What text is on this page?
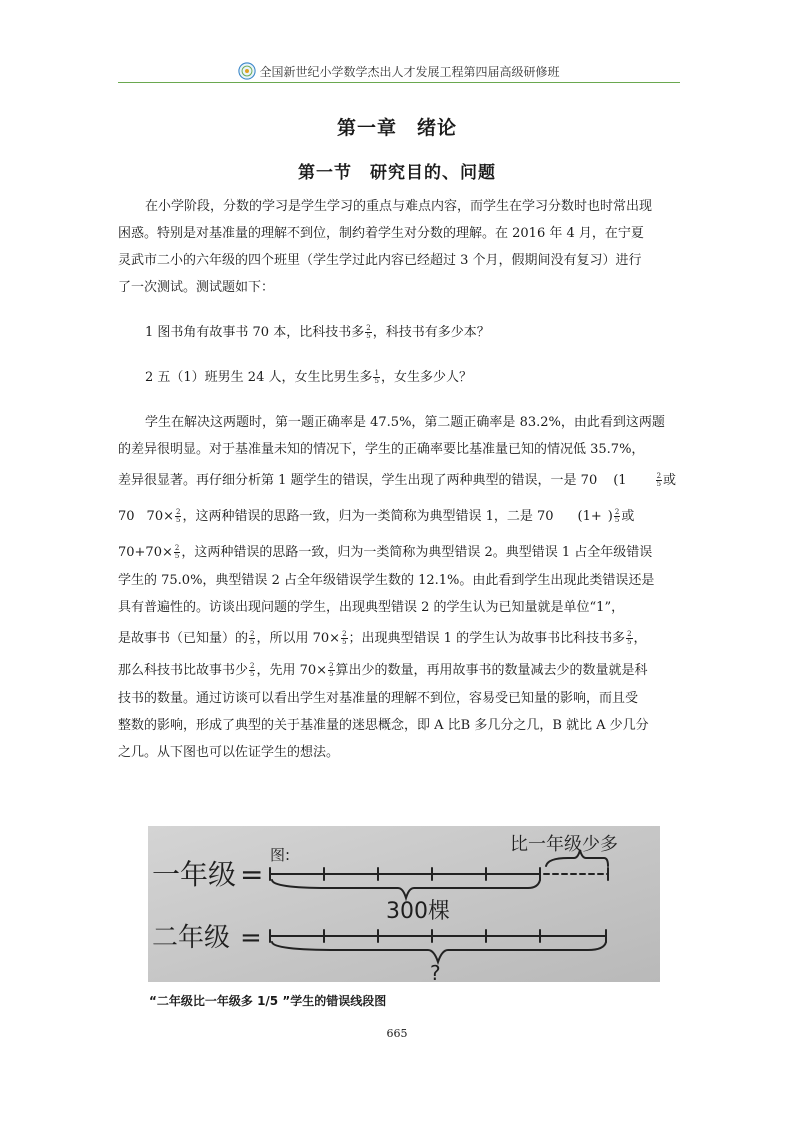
全国新世纪小学数学杰出人才发展工程第四届高级研修班
第一章　绪论
第一节　研究目的、问题
在小学阶段，分数的学习是学生学习的重点与难点内容，而学生在学习分数时也时常出现
困惑。特别是对基准量的理解不到位，制约着学生对分数的理解。在 2016 年 4 月，在宁夏
灵武市二小的六年级的四个班里（学生学过此内容已经超过 3 个月，假期间没有复习）进行
了一次测试。测试题如下：
1 图书角有故事书 70 本，比科技书多 $\frac{2}{5}$ ，科技书有多少本？
2 五（1）班男生 24 人，女生比男生多 $\frac{1}{5}$ ，女生多少人？
学生在解决这两题时，第一题正确率是 47.5%，第二题正确率是 83.2%，由此看到这两题
的差异很明显。对于基准量未知的情况下，学生的正确率要比基准量已知的情况低 35.7%，
差异很显著。再仔细分析第 1 题学生的错误，学生出现了两种典型的错误，一是 70 (1	$\frac{2}{5}$ 或
70 $70\times \frac{2}{5}$ ，这两种错误的思路一致，归为一类简称为典型错误 1，二是 70 (1+ ) $\frac{2}{5}$ 或
$70+70\times \frac{2}{5}$ ，这两种错误的思路一致，归为一类简称为典型错误 2。典型错误 1 占全年级错误
学生的 75.0%，典型错误 2 占全年级错误学生数的 12.1%。由此看到学生出现此类错误还是
具有普遍性的。访谈出现问题的学生，出现典型错误 2 的学生认为已知量就是单位“1”，
是故事书（已知量）的 $\frac{2}{5}$ ，所以用 $70\times \frac{2}{5}$ ；出现典型错误 1 的学生认为故事书比科技书多 $\frac{2}{5}$ ，
那么科技书比故事书少 $\frac{2}{5}$ ，先用 $70\times \frac{2}{5}$ 算出少的数量，再用故事书的数量减去少的数量就是科
技书的数量。通过访谈可以看出学生对基准量的理解不到位，容易受已知量的影响，而且受
整数的影响，形成了典型的关于基准量的迷思概念，即 A 比B 多几分之几，B 就比 A 少几分
之几。从下图也可以佐证学生的想法。
一年级 =
图:
300棵
比一年级少多
二年级 =
?
“二年级比一年级多 1/5 ”学生的错误线段图
665
